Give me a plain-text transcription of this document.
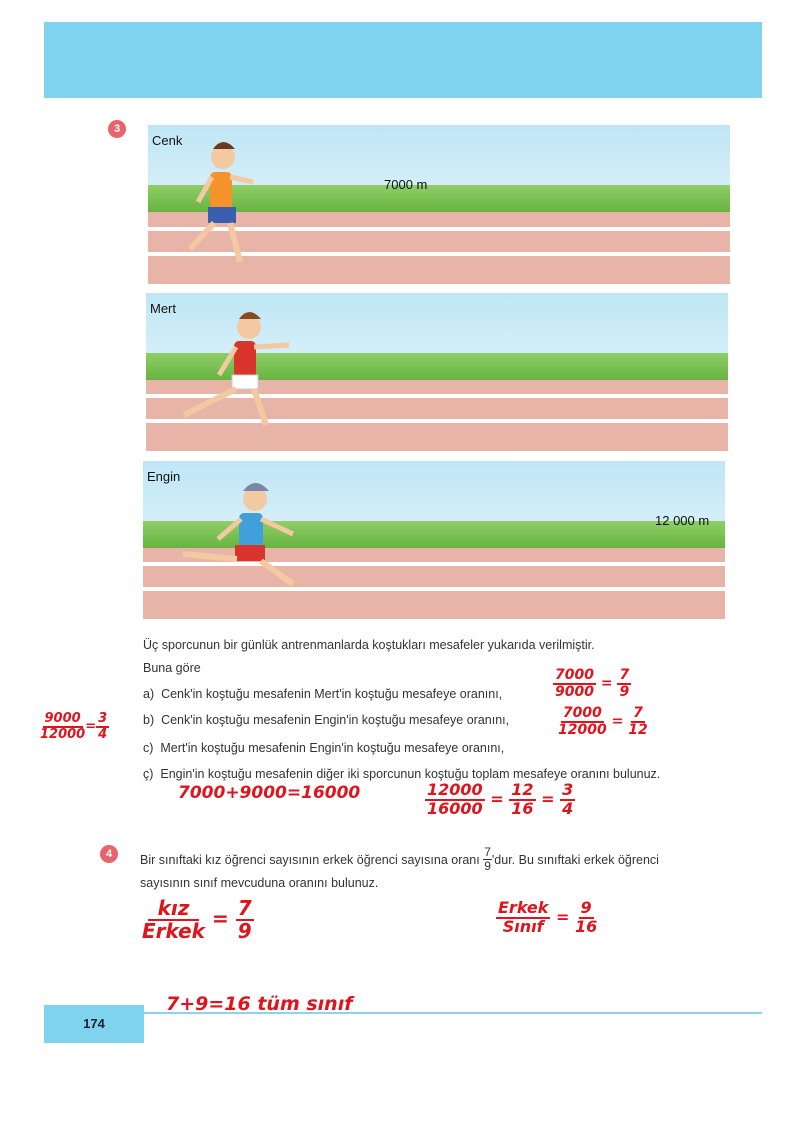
3
Cenk
7000 m
Mert
Engin
12 000 m
Üç sporcunun bir günlük antrenmanlarda koştukları mesafeler yukarıda verilmiştir.
Buna göre
a) Cenk'in koştuğu mesafenin Mert'in koştuğu mesafeye oranını,
b) Cenk'in koştuğu mesafenin Engin'in koştuğu mesafeye oranını,
c) Mert'in koştuğu mesafenin Engin'in koştuğu mesafeye oranını,
ç) Engin'in koştuğu mesafenin diğer iki sporcunun koştuğu toplam mesafeye oranını bulunuz.
$\frac{7000}{9000} = \frac{7}{9}$
$\frac{7000}{12000} = \frac{7}{12}$
$\frac{9000}{12000} = \frac{3}{4}$
7000+9000=16000	$\frac{12000}{16000} = \frac{12}{16} = \frac{3}{4}$
4	Bir sınıftaki kız öğrenci sayısının erkek öğrenci sayısına oranı

7
9 'dur. Bu sınıftaki erkek öğrenci
sayısının sınıf mevcuduna oranını bulunuz.
$\frac{\text{kız}}{\text{Erkek}} = \frac{7}{9}$	$\frac{\text{Erkek}}{\text{Sınıf}} = \frac{9}{16}$
7+9=16 tüm sınıf
174
